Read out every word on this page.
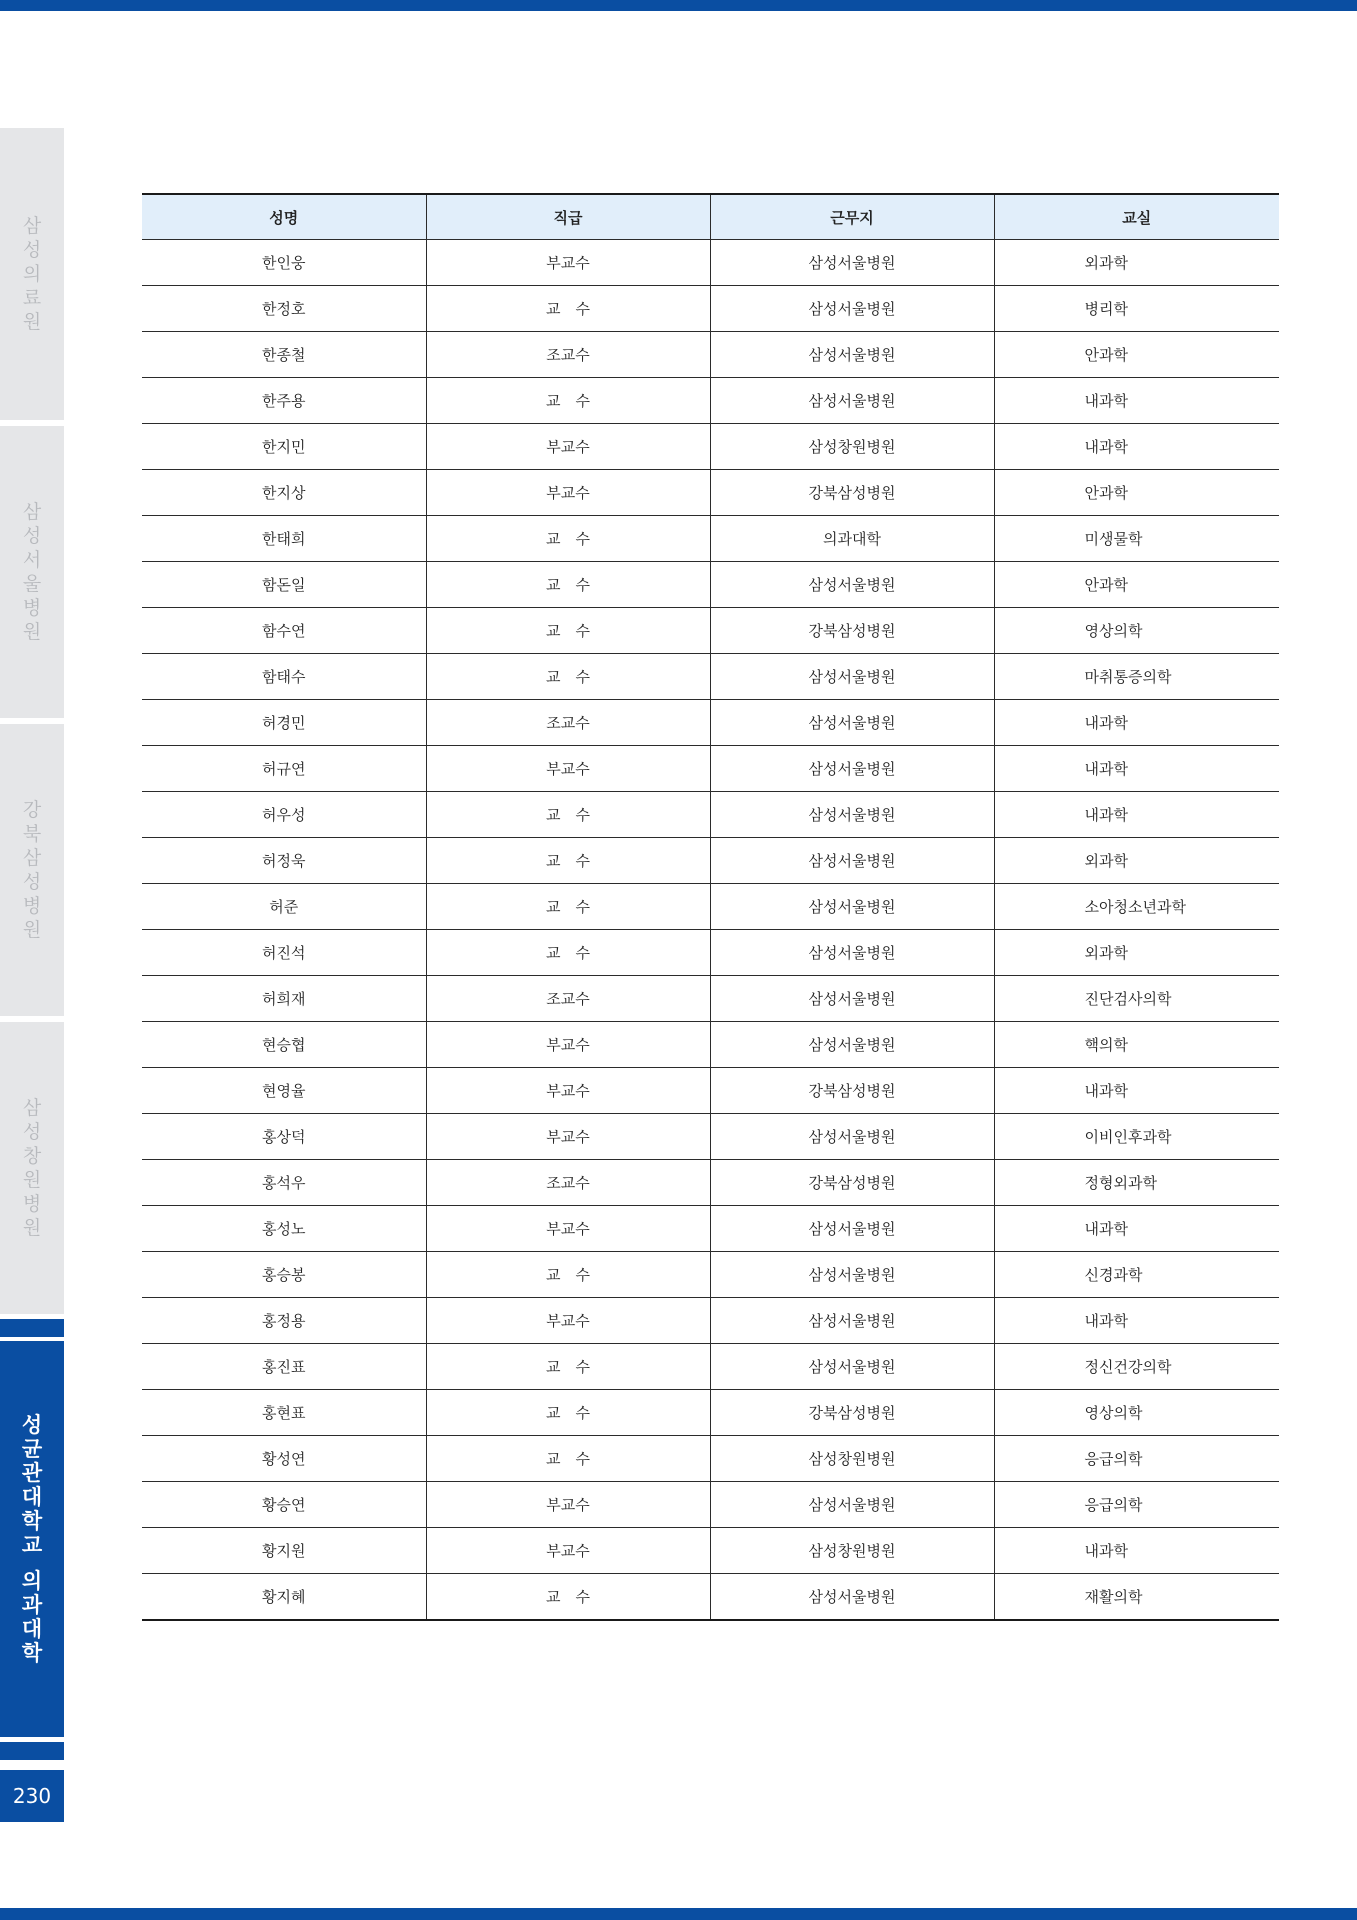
삼
성
의
료
원
삼
성
서
울
병
원
강
북
삼
성
병
원
삼
성
창
원
병
원
성
균
관
대
학
교
의
과
대
학
230
성명	직급	근무지	교실
한인웅	부교수	삼성서울병원	외과학
한정호	교　수	삼성서울병원	병리학
한종철	조교수	삼성서울병원	안과학
한주용	교　수	삼성서울병원	내과학
한지민	부교수	삼성창원병원	내과학
한지상	부교수	강북삼성병원	안과학
한태희	교　수	의과대학	미생물학
함돈일	교　수	삼성서울병원	안과학
함수연	교　수	강북삼성병원	영상의학
함태수	교　수	삼성서울병원	마취통증의학
허경민	조교수	삼성서울병원	내과학
허규연	부교수	삼성서울병원	내과학
허우성	교　수	삼성서울병원	내과학
허정욱	교　수	삼성서울병원	외과학
허준	교　수	삼성서울병원	소아청소년과학
허진석	교　수	삼성서울병원	외과학
허희재	조교수	삼성서울병원	진단검사의학
현승협	부교수	삼성서울병원	핵의학
현영율	부교수	강북삼성병원	내과학
홍상덕	부교수	삼성서울병원	이비인후과학
홍석우	조교수	강북삼성병원	정형외과학
홍성노	부교수	삼성서울병원	내과학
홍승봉	교　수	삼성서울병원	신경과학
홍정용	부교수	삼성서울병원	내과학
홍진표	교　수	삼성서울병원	정신건강의학
홍현표	교　수	강북삼성병원	영상의학
황성연	교　수	삼성창원병원	응급의학
황승연	부교수	삼성서울병원	응급의학
황지원	부교수	삼성창원병원	내과학
황지혜	교　수	삼성서울병원	재활의학
